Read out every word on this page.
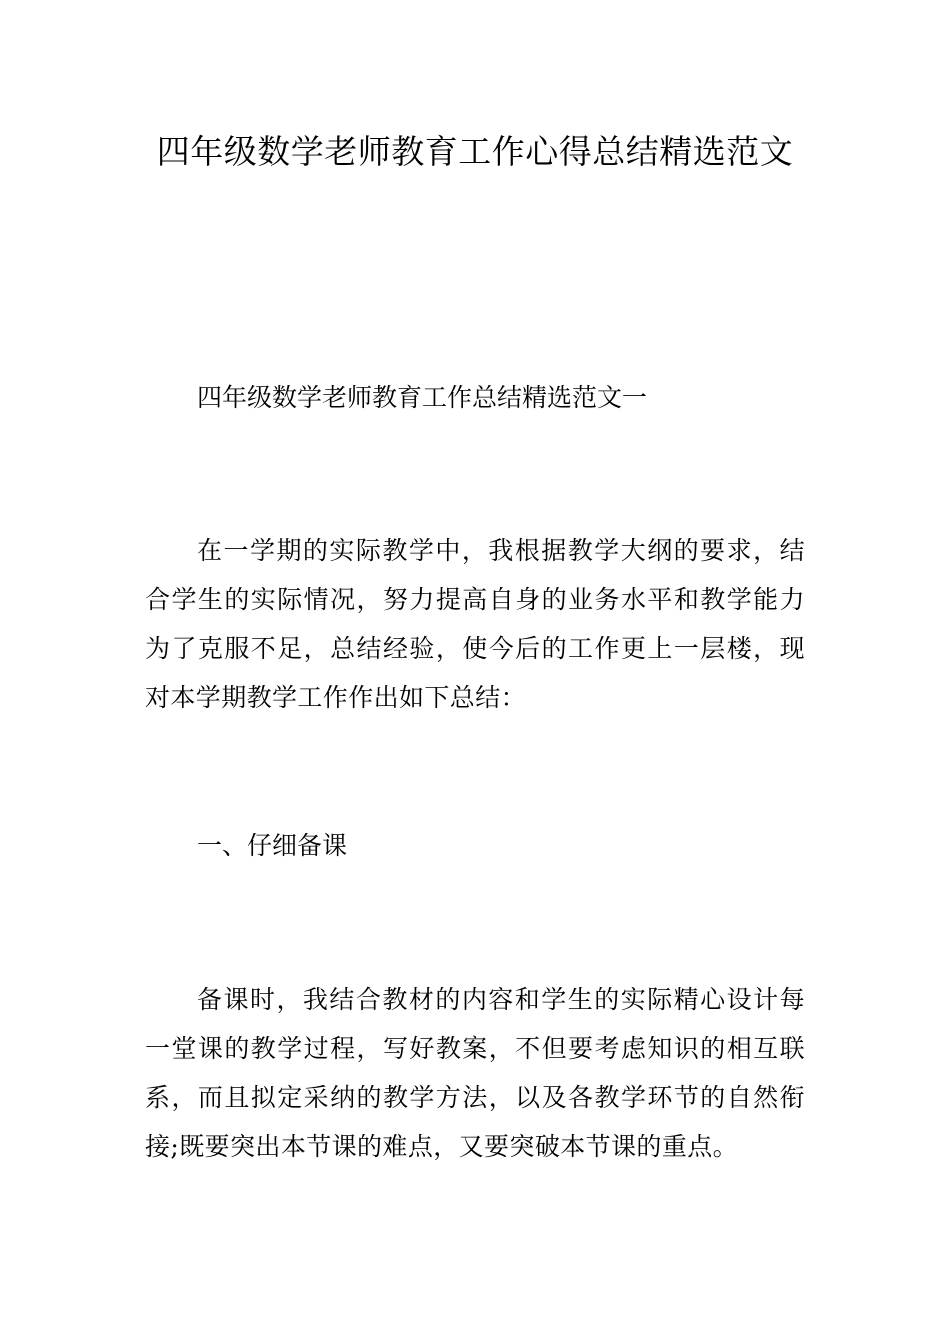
四年级数学老师教育工作心得总结精选范文

四年级数学老师教育工作总结精选范文一

在一学期的实际教学中，我根据教学大纲的要求，结合学生的实际情况，努力提高自身的业务水平和教学能力为了克服不足，总结经验，使今后的工作更上一层楼，现对本学期教学工作作出如下总结：

一、仔细备课

备课时，我结合教材的内容和学生的实际精心设计每一堂课的教学过程，写好教案，不但要考虑知识的相互联系，而且拟定采纳的教学方法，以及各教学环节的自然衔接;既要突出本节课的难点，又要突破本节课的重点。
